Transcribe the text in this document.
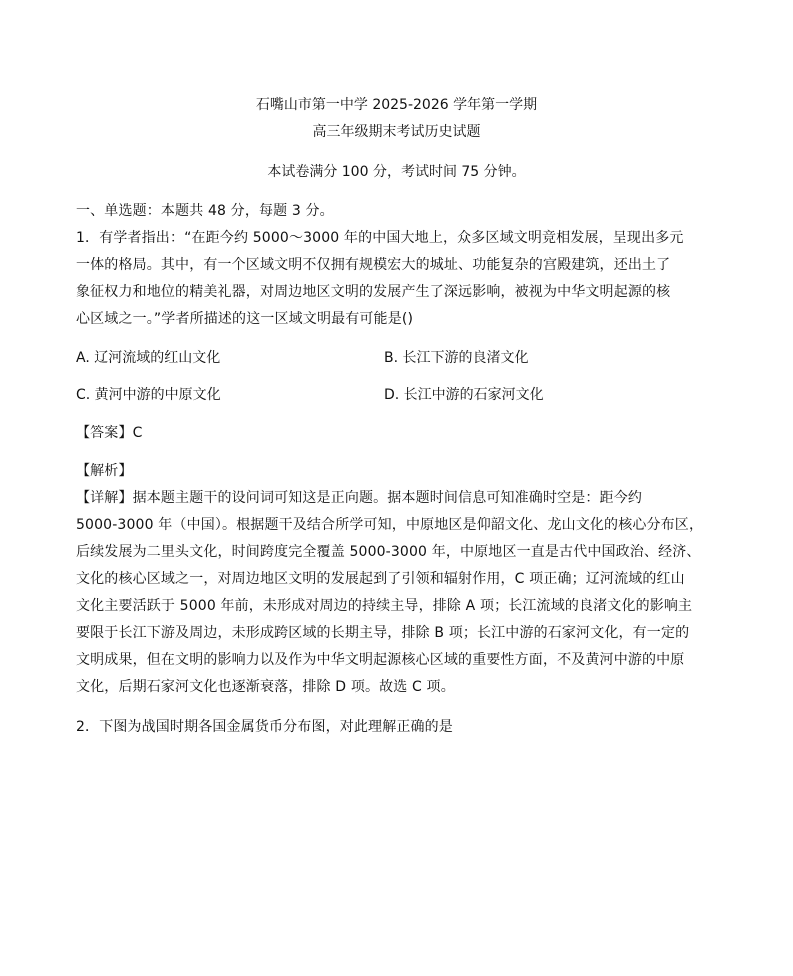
石嘴山市第一中学 2025-2026 学年第一学期
高三年级期末考试历史试题
本试卷满分 100 分，考试时间 75 分钟。
一、单选题：本题共 48 分，每题 3 分。
1．有学者指出：“在距今约 5000～3000 年的中国大地上，众多区域文明竞相发展，呈现出多元
一体的格局。其中，有一个区域文明不仅拥有规模宏大的城址、功能复杂的宫殿建筑，还出土了
象征权力和地位的精美礼器，对周边地区文明的发展产生了深远影响，被视为中华文明起源的核
心区域之一。”学者所描述的这一区域文明最有可能是()
A. 辽河流域的红山文化	B. 长江下游的良渚文化
C. 黄河中游的中原文化	D. 长江中游的石家河文化
【答案】C
【解析】
【详解】据本题主题干的设问词可知这是正向题。据本题时间信息可知准确时空是：距今约
5000-3000 年（中国）。根据题干及结合所学可知，中原地区是仰韶文化、龙山文化的核心分布区，
后续发展为二里头文化，时间跨度完全覆盖 5000-3000 年，中原地区一直是古代中国政治、经济、
文化的核心区域之一，对周边地区文明的发展起到了引领和辐射作用，C 项正确；辽河流域的红山
文化主要活跃于 5000 年前，未形成对周边的持续主导，排除 A 项；长江流域的良渚文化的影响主
要限于长江下游及周边，未形成跨区域的长期主导，排除 B 项；长江中游的石家河文化，有一定的
文明成果，但在文明的影响力以及作为中华文明起源核心区域的重要性方面，不及黄河中游的中原
文化，后期石家河文化也逐渐衰落，排除 D 项。故选 C 项。
2．下图为战国时期各国金属货币分布图，对此理解正确的是
